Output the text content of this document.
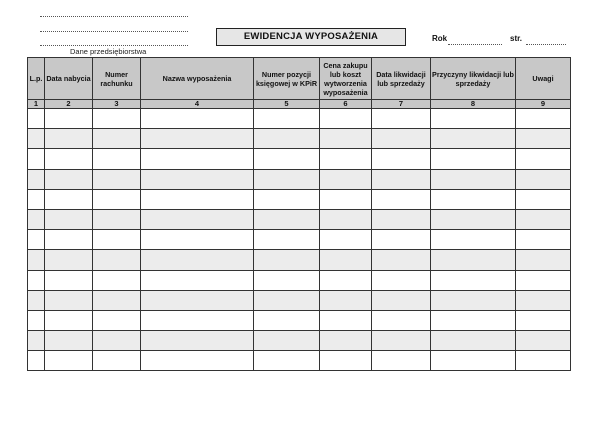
Dane przedsiębiorstwa
EWIDENCJA WYPOSAŻENIA	Rok	str.
L.p.	Data nabycia	Numer rachunku	Nazwa wyposażenia	Numer pozycji księgowej w KPiR	Cena zakupu lub koszt wytworzenia wyposażenia	Data likwidacji lub sprzedaży	Przyczyny likwidacji lub sprzedaży	Uwagi
1	2	3	4	5	6	7	8	9
